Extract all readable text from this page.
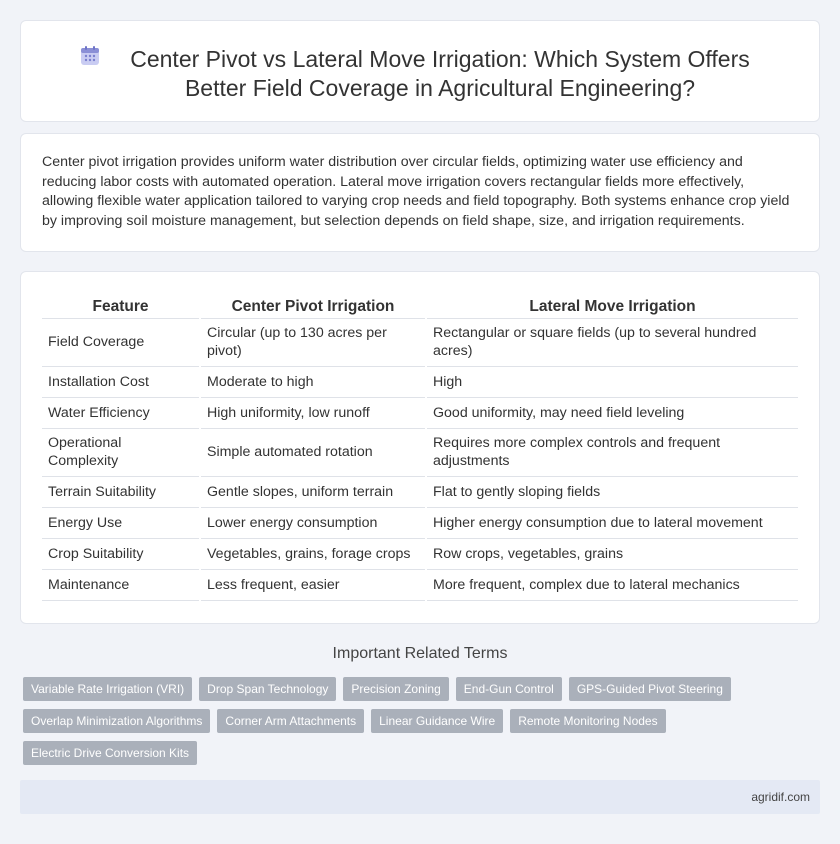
Center Pivot vs Lateral Move Irrigation: Which System Offers Better Field Coverage in Agricultural Engineering?

Center pivot irrigation provides uniform water distribution over circular fields, optimizing water use efficiency and reducing labor costs with automated operation. Lateral move irrigation covers rectangular fields more effectively, allowing flexible water application tailored to varying crop needs and field topography. Both systems enhance crop yield by improving soil moisture management, but selection depends on field shape, size, and irrigation requirements.

Feature	Center Pivot Irrigation	Lateral Move Irrigation
Field Coverage	Circular (up to 130 acres per pivot)	Rectangular or square fields (up to several hundred acres)
Installation Cost	Moderate to high	High
Water Efficiency	High uniformity, low runoff	Good uniformity, may need field leveling
Operational Complexity	Simple automated rotation	Requires more complex controls and frequent adjustments
Terrain Suitability	Gentle slopes, uniform terrain	Flat to gently sloping fields
Energy Use	Lower energy consumption	Higher energy consumption due to lateral movement
Crop Suitability	Vegetables, grains, forage crops	Row crops, vegetables, grains
Maintenance	Less frequent, easier	More frequent, complex due to lateral mechanics
Important Related Terms
Variable Rate Irrigation (VRI) Drop Span Technology Precision Zoning End-Gun Control GPS-Guided Pivot Steering
Overlap Minimization Algorithms Corner Arm Attachments Linear Guidance Wire Remote Monitoring Nodes
Electric Drive Conversion Kits
agridif.com
